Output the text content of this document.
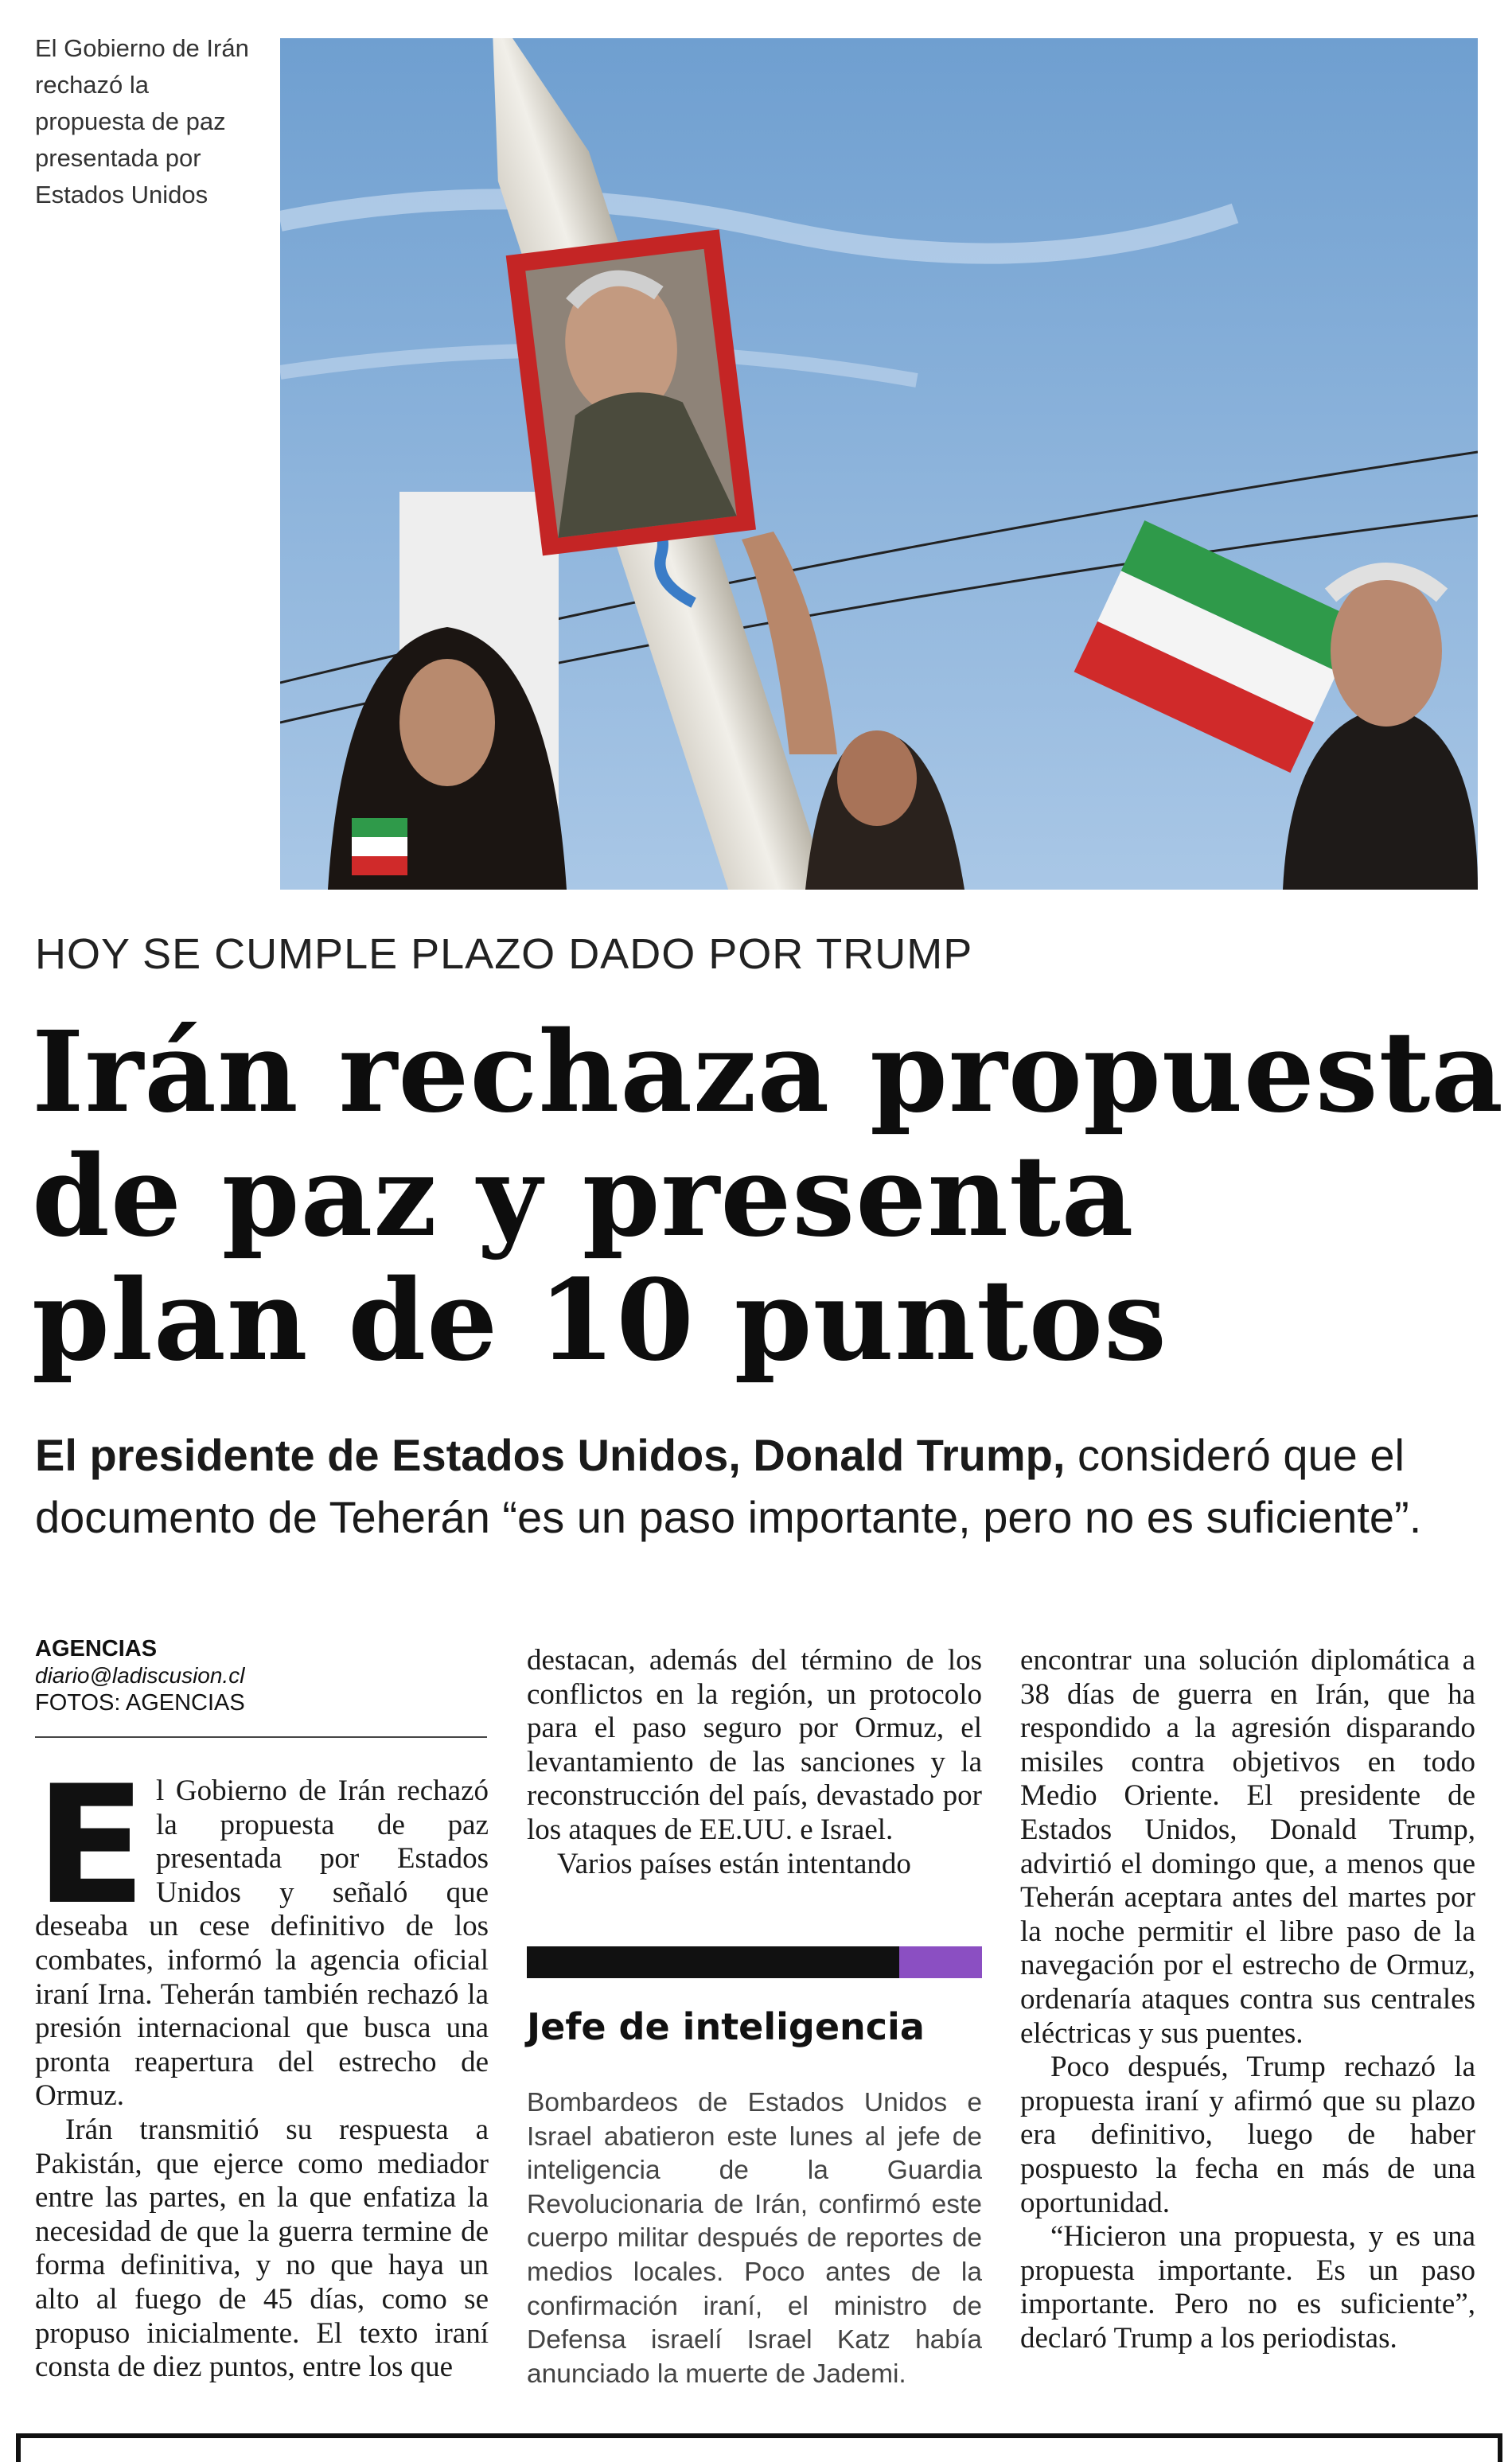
El Gobierno de Irán rechazó la propuesta de paz presentada por Estados Unidos
HOY SE CUMPLE PLAZO DADO POR TRUMP
Irán rechaza propuesta
de paz y presenta
plan de 10 puntos
El presidente de Estados Unidos, Donald Trump, consideró que el documento de Teherán “es un paso importante, pero no es suficiente”.
AGENCIAS
diario@ladiscusion.cl
FOTOS: AGENCIAS

El Gobierno de Irán rechazó la propuesta de paz presentada por Estados Unidos y señaló que deseaba un cese definitivo de los combates, informó la agencia oficial iraní Irna. Teherán también rechazó la presión internacional que busca una pronta reapertura del estrecho de Ormuz.

Irán transmitió su respuesta a Pakistán, que ejerce como mediador entre las partes, en la que enfatiza la necesidad de que la guerra termine de forma definitiva, y no que haya un alto al fuego de 45 días, como se propuso inicialmente. El texto iraní consta de diez puntos, entre los que

destacan, además del término de los conflictos en la región, un protocolo para el paso seguro por Ormuz, el levantamiento de las sanciones y la reconstrucción del país, devastado por los ataques de EE.UU. e Israel.

Varios países están intentando

Jefe de inteligencia
Bombardeos de Estados Unidos e Israel abatieron este lunes al jefe de inteligencia de la Guardia Revolucionaria de Irán, confirmó este cuerpo militar después de reportes de medios locales. Poco antes de la confirmación iraní, el ministro de Defensa israelí Israel Katz había anunciado la muerte de Jademi.

encontrar una solución diplomática a 38 días de guerra en Irán, que ha respondido a la agresión disparando misiles contra objetivos en todo Medio Oriente. El presidente de Estados Unidos, Donald Trump, advirtió el domingo que, a menos que Teherán aceptara antes del martes por la noche permitir el libre paso de la navegación por el estrecho de Ormuz, ordenaría ataques contra sus centrales eléctricas y sus puentes.

Poco después, Trump rechazó la propuesta iraní y afirmó que su plazo era definitivo, luego de haber pospuesto la fecha en más de una oportunidad.

“Hicieron una propuesta, y es una propuesta importante. Es un paso importante. Pero no es suficiente”, declaró Trump a los periodistas.
